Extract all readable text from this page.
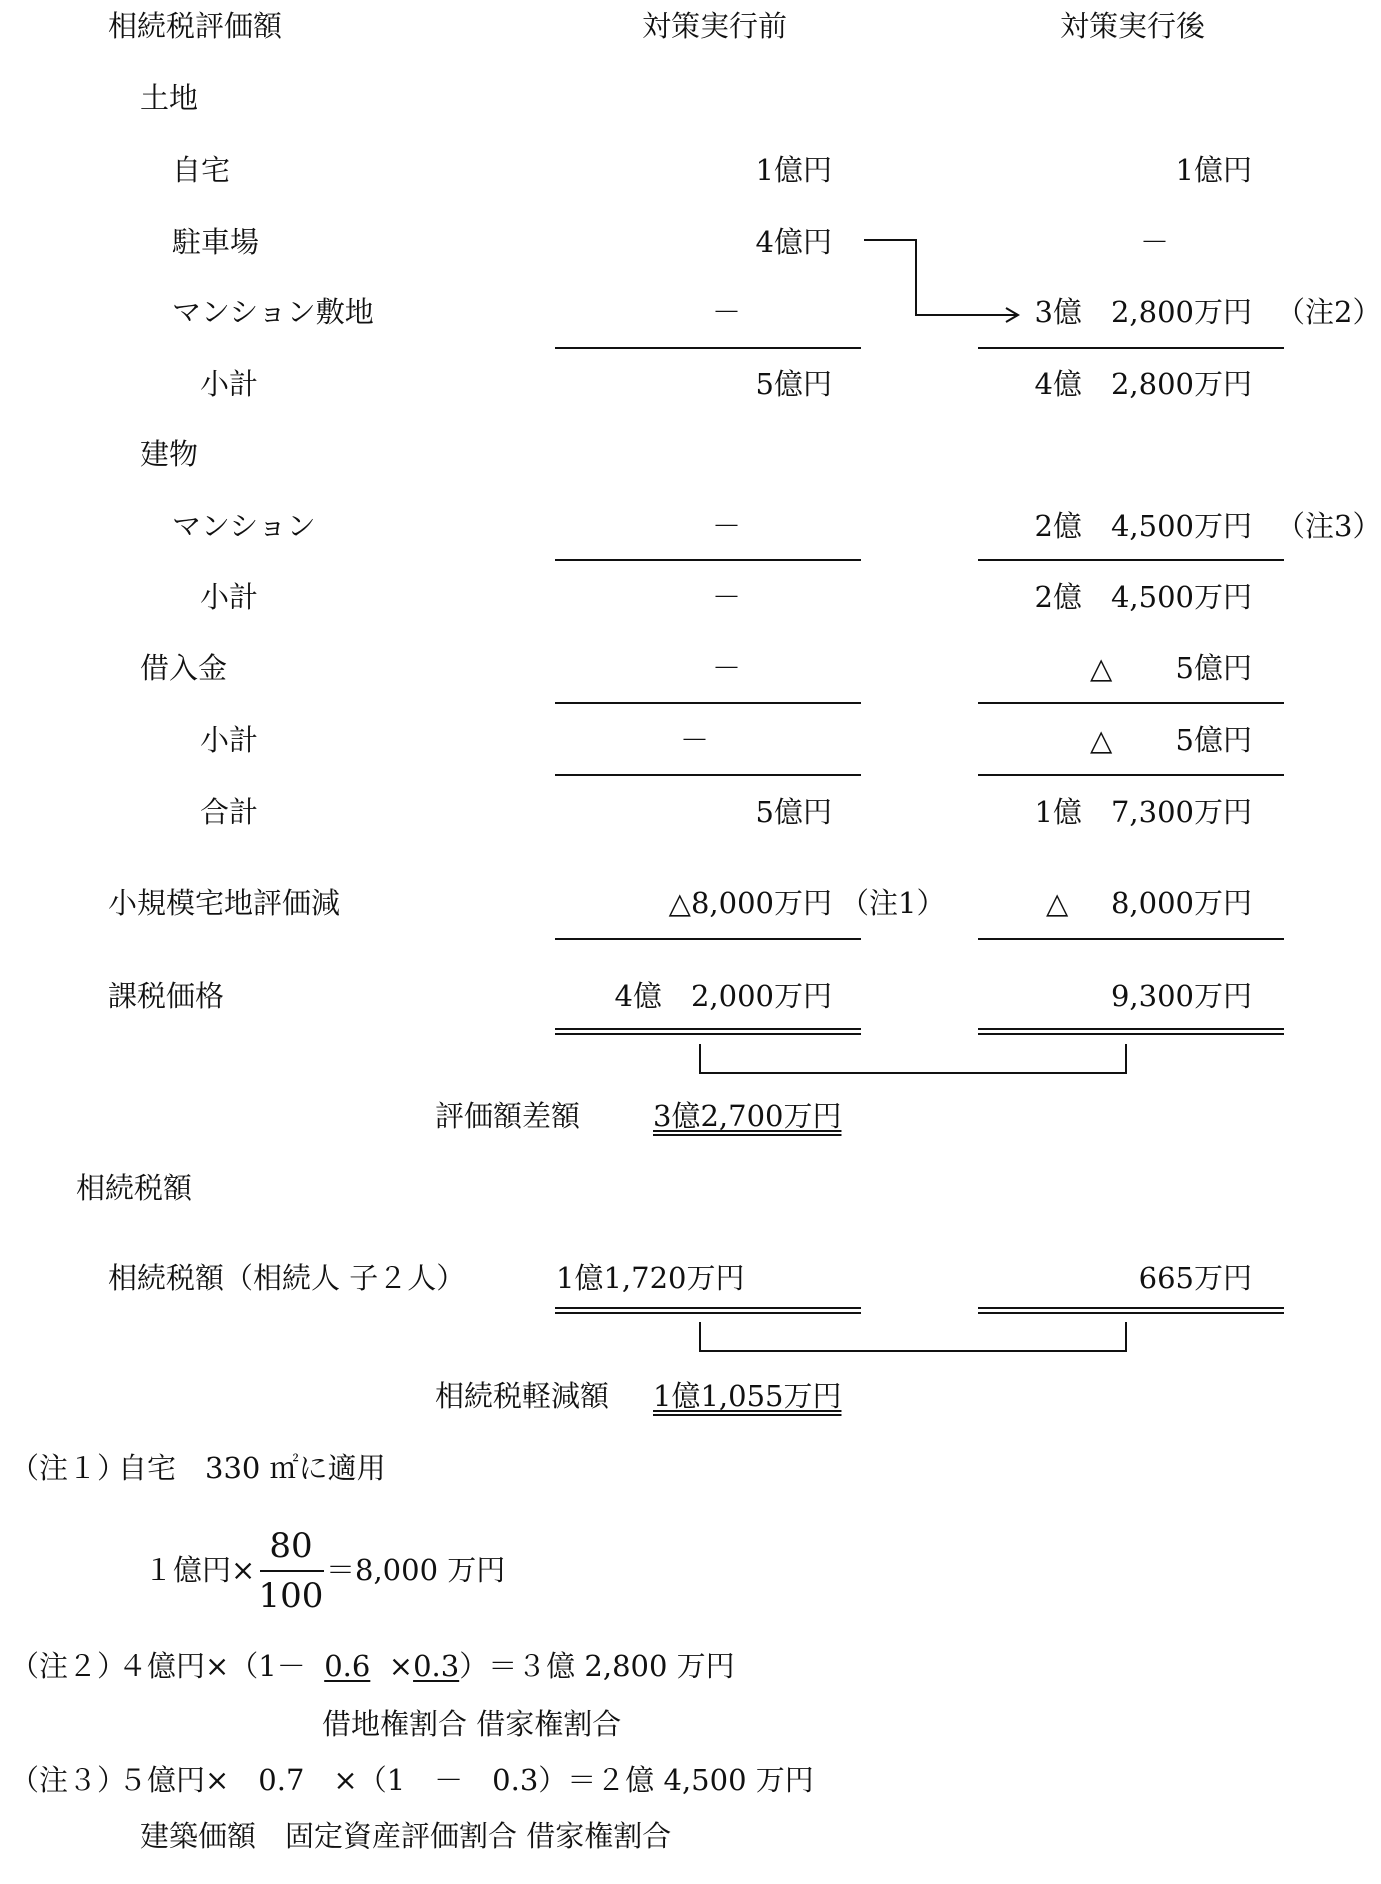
相続税評価額	対策実行前	対策実行後
土地
自宅	1億円	1億円
駐車場	4億円	－
マンション敷地	－	3億　2,800万円 （注2）
小計	5億円	4億　2,800万円
建物
マンション	－	2億　4,500万円 （注3）
小計	－	2億　4,500万円
借入金	－	△	5億円
小計	－	△	5億円
合計	5億円	1億　7,300万円
小規模宅地評価減	△8,000万円 （注1）	△	8,000万円
課税価格	4億　2,000万円	9,300万円
評価額差額	3億2,700万円
相続税額
相続税額（相続人 子２人）	1億1,720万円	665万円
相続税軽減額 1億1,055万円
（注１）
自宅　330 ㎡に適用
１億円×
80
100
＝8,000 万円
（注２）
４億円×（1－ 0.6 ×0.3）＝３億 2,800 万円
借地権割合 借家権割合
（注３）
５億円×　0.7　×（1　－　0.3）＝２億 4,500 万円
建築価額　固定資産評価割合 借家権割合
